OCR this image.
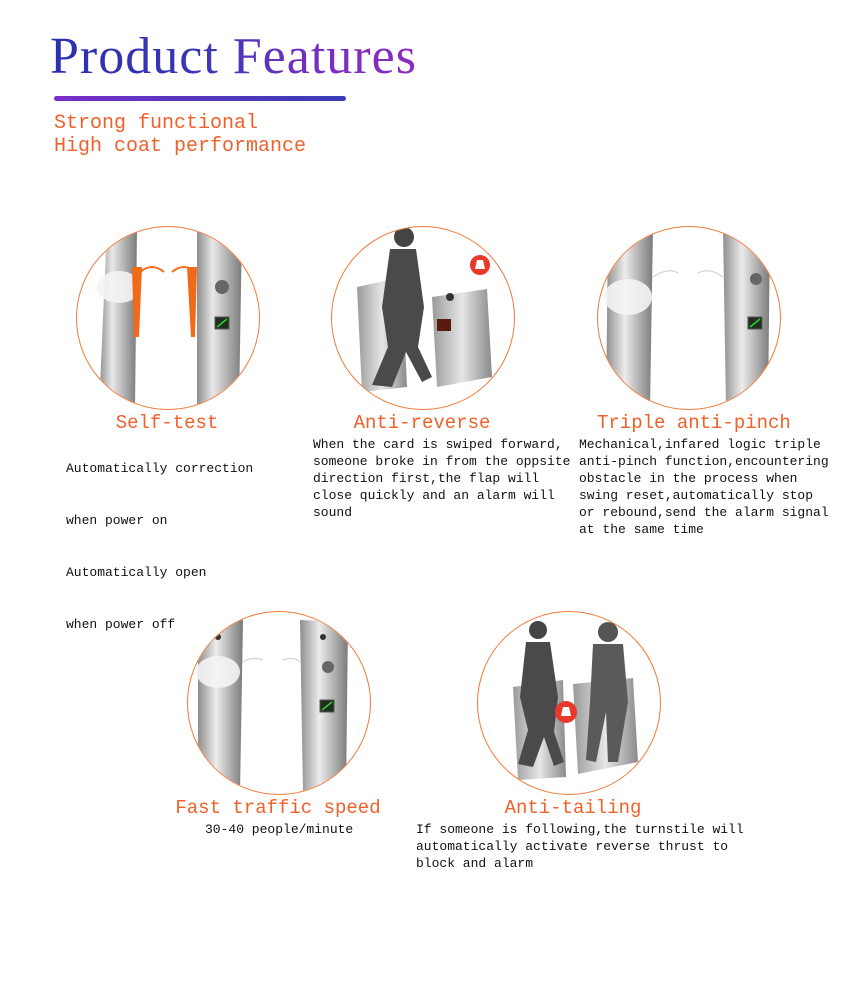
Product Features
Strong functional
High coat performance
Self-test

Automatically correction

when power on

Automatically open

when power off

Anti-reverse
When the card is swiped forward,
someone broke in from the oppsite
direction first,the flap will
close quickly and an alarm will
sound
Triple anti-pinch
Mechanical,infared logic triple
anti-pinch function,encountering
obstacle in the process when
swing reset,automatically stop
or rebound,send the alarm signal
at the same time
Fast traffic speed
30-40 people/minute
Anti-tailing
If someone is following,the turnstile will
automatically activate reverse thrust to
block and alarm
